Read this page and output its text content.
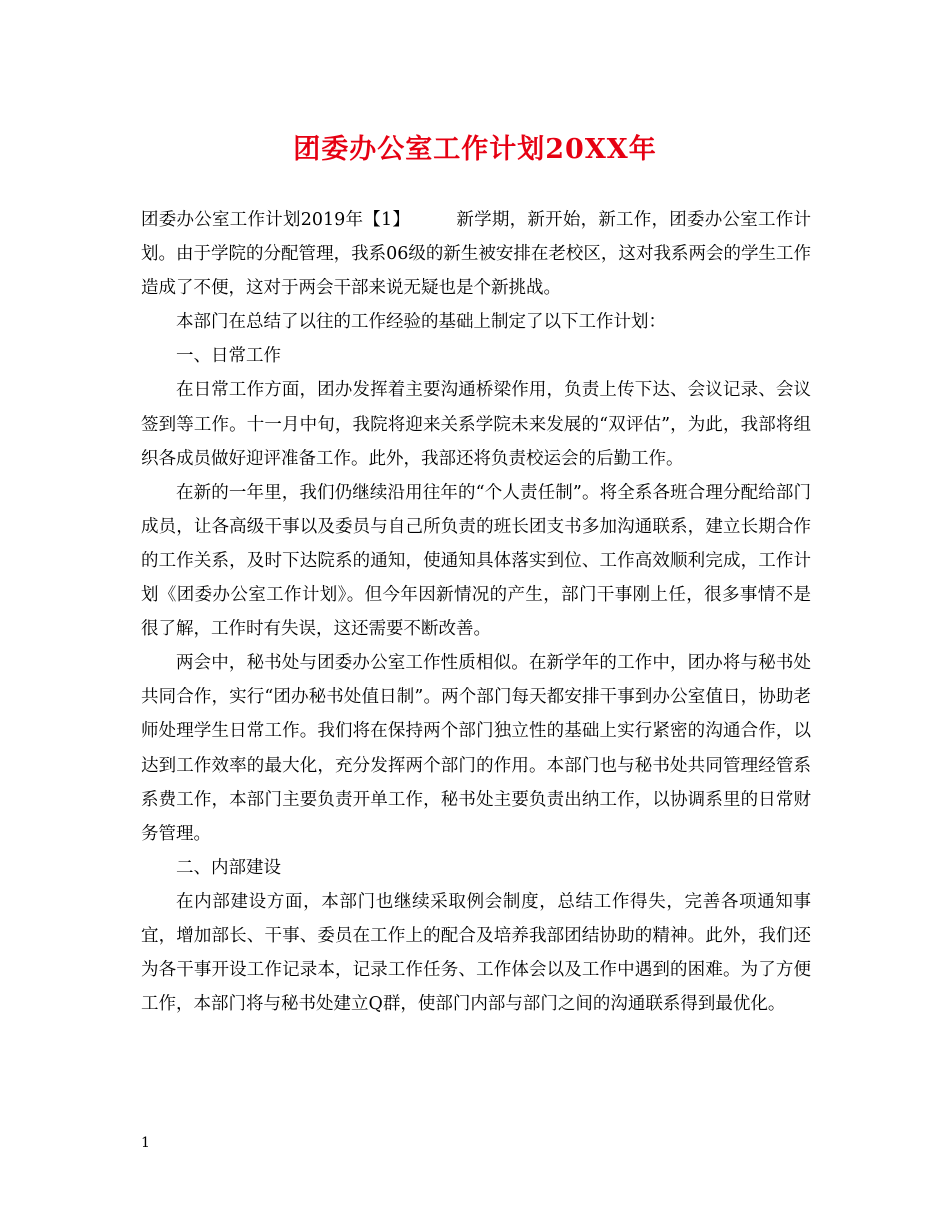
团委办公室工作计划20XX年

团委办公室工作计划2019年【1】	新学期，新开始，新工作，团委办公室工作计划。由于学院的分配管理，我系06级的新生被安排在老校区，这对我系两会的学生工作造成了不便，这对于两会干部来说无疑也是个新挑战。

本部门在总结了以往的工作经验的基础上制定了以下工作计划：

一、日常工作

在日常工作方面，团办发挥着主要沟通桥梁作用，负责上传下达、会议记录、会议签到等工作。十一月中旬，我院将迎来关系学院未来发展的“双评估”，为此，我部将组织各成员做好迎评准备工作。此外，我部还将负责校运会的后勤工作。

在新的一年里，我们仍继续沿用往年的“个人责任制”。将全系各班合理分配给部门成员，让各高级干事以及委员与自己所负责的班长团支书多加沟通联系，建立长期合作的工作关系，及时下达院系的通知，使通知具体落实到位、工作高效顺利完成，工作计划《团委办公室工作计划》。但今年因新情况的产生，部门干事刚上任，很多事情不是很了解，工作时有失误，这还需要不断改善。

两会中，秘书处与团委办公室工作性质相似。在新学年的工作中，团办将与秘书处共同合作，实行“团办秘书处值日制”。两个部门每天都安排干事到办公室值日，协助老师处理学生日常工作。我们将在保持两个部门独立性的基础上实行紧密的沟通合作，以达到工作效率的最大化，充分发挥两个部门的作用。本部门也与秘书处共同管理经管系系费工作，本部门主要负责开单工作，秘书处主要负责出纳工作，以协调系里的日常财务管理。

二、内部建设

在内部建设方面，本部门也继续采取例会制度，总结工作得失，完善各项通知事宜，增加部长、干事、委员在工作上的配合及培养我部团结协助的精神。此外，我们还为各干事开设工作记录本，记录工作任务、工作体会以及工作中遇到的困难。为了方便工作，本部门将与秘书处建立Q群，使部门内部与部门之间的沟通联系得到最优化。

1
